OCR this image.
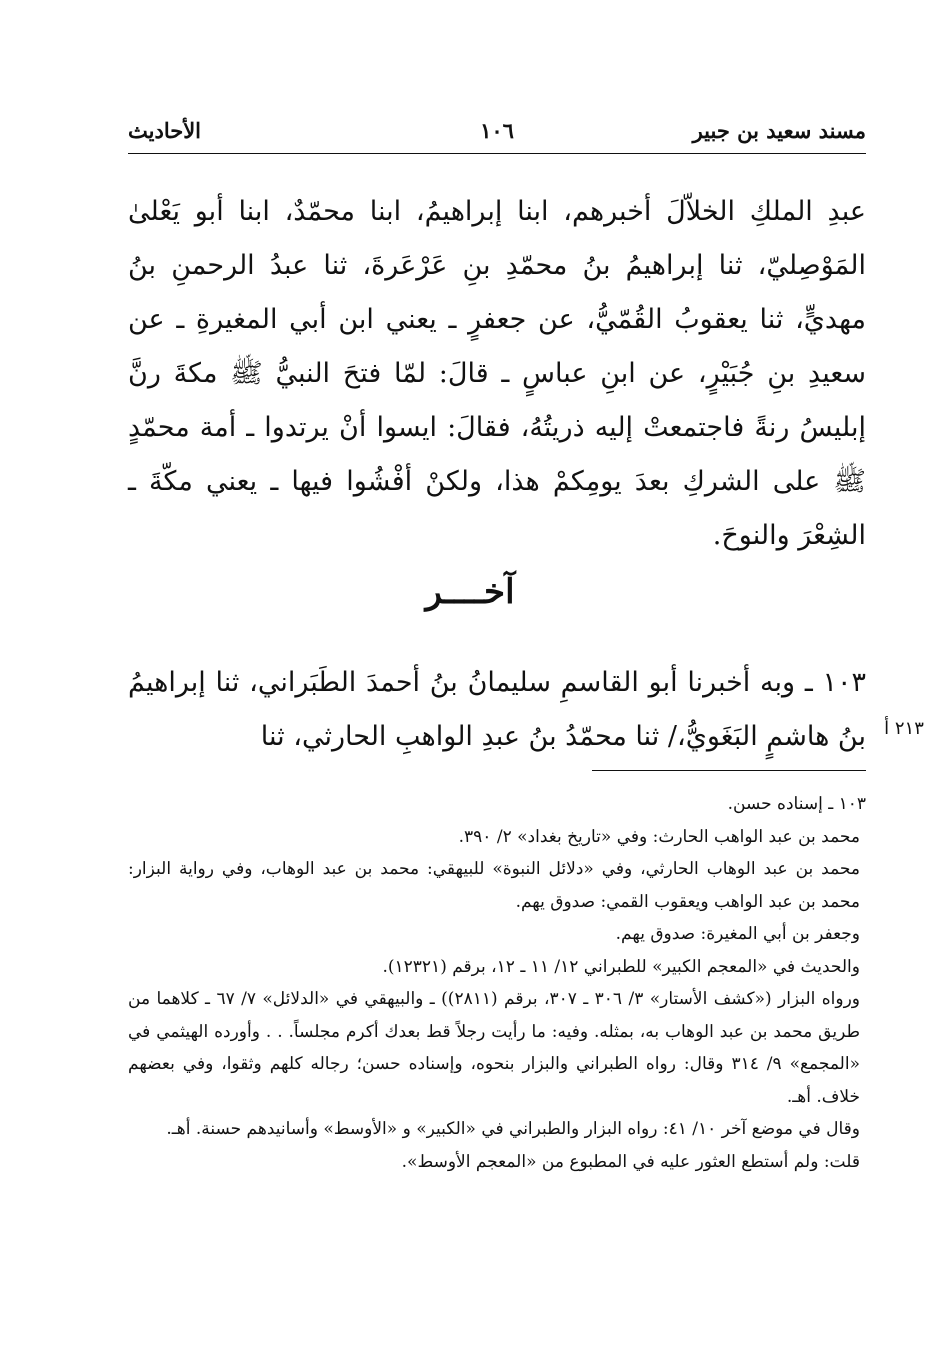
مسند سعيد بن جبير
١٠٦
الأحاديث

عبدِ الملكِ الخلاّلَ أخبرهم، ابنا إبراهيمُ، ابنا محمّدٌ، ابنا أبو يَعْلىٰ المَوْصِليّ، ثنا إبراهيمُ بنُ محمّدِ بنِ عَرْعَرةَ، ثنا عبدُ الرحمنِ بنُ مهديٍّ، ثنا يعقوبُ القُمّيُّ، عن جعفرٍ ـ يعني ابن أبي المغيرةِ ـ عن سعيدِ بنِ جُبَيْرٍ، عن ابنِ عباسٍ ـ قالَ: لمّا فتحَ النبيُّ ﷺ مكةَ رنَّ إبليسُ رنةً فاجتمعتْ إليه ذريتُهُ، فقالَ: ايسوا أنْ يرتدوا ـ أمة محمّدٍ ﷺ على الشركِ بعدَ يومِكمْ هذا، ولكنْ أفْشُوا فيها ـ يعني مكّةَ ـ الشِعْرَ والنوحَ.

آخــــر

١٠٣ ـ وبه أخبرنا أبو القاسمِ سليمانُ بنُ أحمدَ الطَبَراني، ثنا إبراهيمُ بنُ هاشمٍ البَغَويُّ،/ ثنا محمّدُ بنُ عبدِ الواهبِ الحارثي، ثنا	٢١٣ أ

١٠٣ ـ إسناده حسن.

محمد بن عبد الواهب الحارث: وفي «تاريخ بغداد» ٢/ ٣٩٠.

محمد بن عبد الوهاب الحارثي، وفي «دلائل النبوة» للبيهقي: محمد بن عبد الوهاب، وفي رواية البزار: محمد بن عبد الواهب ويعقوب القمي: صدوق يهم.

وجعفر بن أبي المغيرة: صدوق يهم.

والحديث في «المعجم الكبير» للطبراني ١٢/ ١١ ـ ١٢، برقم (١٢٣٢١).

ورواه البزار («كشف الأستار» ٣/ ٣٠٦ ـ ٣٠٧، برقم (٢٨١١)) ـ والبيهقي في «الدلائل» ٧/ ٦٧ ـ كلاهما من طريق محمد بن عبد الوهاب به، بمثله. وفيه: ما رأيت رجلاً قط بعدك أكرم مجلساً. . . وأورده الهيثمي في «المجمع» ٩/ ٣١٤ وقال: رواه الطبراني والبزار بنحوه، وإسناده حسن؛ رجاله كلهم وثقوا، وفي بعضهم خلاف. أهـ.

وقال في موضع آخر ١٠/ ٤١: رواه البزار والطبراني في «الكبير» و «الأوسط» وأسانيدهم حسنة. أهـ.

قلت: ولم أستطع العثور عليه في المطبوع من «المعجم الأوسط».
